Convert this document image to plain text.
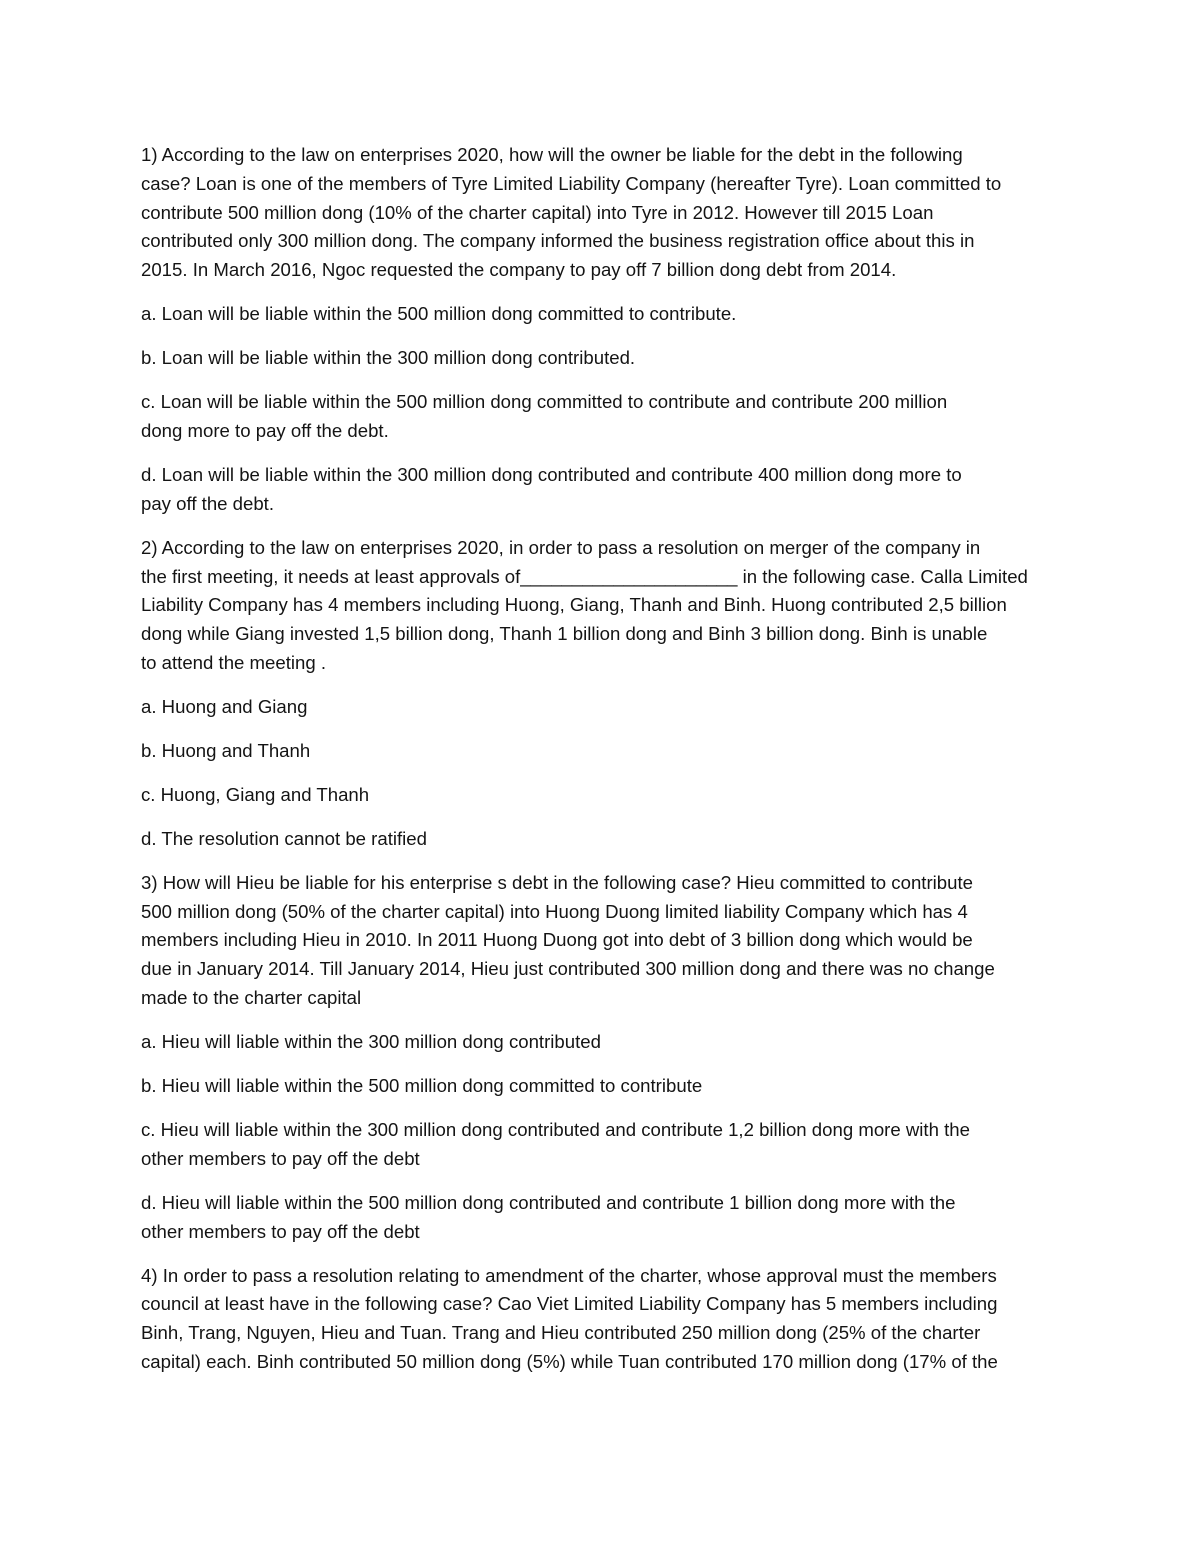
1) According to the law on enterprises 2020, how will the owner be liable for the debt in the following
case? Loan is one of the members of Tyre Limited Liability Company (hereafter Tyre). Loan committed to
contribute 500 million dong (10% of the charter capital) into Tyre in 2012. However till 2015 Loan
contributed only 300 million dong. The company informed the business registration office about this in
2015. In March 2016, Ngoc requested the company to pay off 7 billion dong debt from 2014.

a. Loan will be liable within the 500 million dong committed to contribute.

b. Loan will be liable within the 300 million dong contributed.

c. Loan will be liable within the 500 million dong committed to contribute and contribute 200 million
dong more to pay off the debt.

d. Loan will be liable within the 300 million dong contributed and contribute 400 million dong more to
pay off the debt.

2) According to the law on enterprises 2020, in order to pass a resolution on merger of the company in
the first meeting, it needs at least approvals of_____________________ in the following case. Calla Limited
Liability Company has 4 members including Huong, Giang, Thanh and Binh. Huong contributed 2,5 billion
dong while Giang invested 1,5 billion dong, Thanh 1 billion dong and Binh 3 billion dong. Binh is unable
to attend the meeting .

a. Huong and Giang

b. Huong and Thanh

c. Huong, Giang and Thanh

d. The resolution cannot be ratified

3) How will Hieu be liable for his enterprise s debt in the following case? Hieu committed to contribute
500 million dong (50% of the charter capital) into Huong Duong limited liability Company which has 4
members including Hieu in 2010. In 2011 Huong Duong got into debt of 3 billion dong which would be
due in January 2014. Till January 2014, Hieu just contributed 300 million dong and there was no change
made to the charter capital

a. Hieu will liable within the 300 million dong contributed

b. Hieu will liable within the 500 million dong committed to contribute

c. Hieu will liable within the 300 million dong contributed and contribute 1,2 billion dong more with the
other members to pay off the debt

d. Hieu will liable within the 500 million dong contributed and contribute 1 billion dong more with the
other members to pay off the debt

4) In order to pass a resolution relating to amendment of the charter, whose approval must the members
council at least have in the following case? Cao Viet Limited Liability Company has 5 members including
Binh, Trang, Nguyen, Hieu and Tuan. Trang and Hieu contributed 250 million dong (25% of the charter
capital) each. Binh contributed 50 million dong (5%) while Tuan contributed 170 million dong (17% of the
